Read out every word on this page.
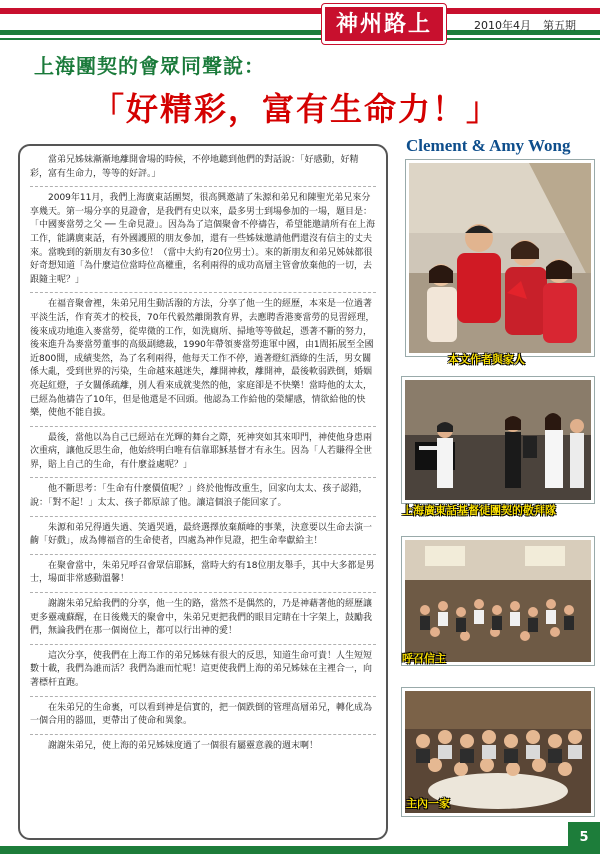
神州路上	2010年4月 第五期
上海團契的會眾同聲說：
「好精彩，富有生命力！」

當弟兄姊妹漸漸地離開會場的時候，不停地聽到他們的對話說：「好感動，好精彩，富有生命力，等等的好評。」

2009年11月，我們上海廣東話團契，很高興邀請了朱源和弟兄和陳聖光弟兄來分享幾天。第一場分享的見證會，是我們有史以來，最多男士到場參加的一場，題目是：「中國麥當勞之父 ── 生命見證」。因為為了這個聚會不停禱告，希望能邀請所有在上海工作，能講廣東話，有外國護照的朋友參加，還有一些姊妹邀請他們還沒有信主的丈夫來。當晚到的新朋友有30多位！（當中大約有20位男士）。來的新朋友和弟兄姊妹都很好奇想知道「為什麼這位當時位高權重，名利兩得的成功高層主管會放棄他的一切，去跟隨主呢？」

在福音聚會裡，朱弟兄用生動活潑的方法，分享了他一生的經歷，本來是一位過著平淡生活，作育英才的校長，70年代毅然離開教育界，去應聘香港麥當勞的見習經理，後來成功地進入麥當勞，從卑微的工作，如洗廁所、掃地等等做起，憑著不斷的努力，後來進升為麥當勞董事的高級副總裁，1990年帶領麥當勞進軍中國，由1間拓展至全國近800間，成績斐然，為了名利兩得，他每天工作不停，過著燈紅酒綠的生活，男女關係大亂，受到世界的污染，生命越來越迷失，離開神救，離開神，最後軟弱跌倒，婚姻亮起紅燈，子女關係疏離，別人看來成就斐然的他，家庭卻是不快樂！當時他的太太，已經為他禱告了10年，但是他還是不回頭。他認為工作給他的榮耀感，情欲給他的快樂，使他不能自拔。

最後，當他以為自己已經站在光輝的舞台之際，死神突如其來叩門，神使他身患兩次重病，讓他反思生命，他始終明白唯有信靠耶穌基督才有永生。因為「人若賺得全世界，賠上自己的生命，有什麼益處呢？」

他不斷思考：「生命有什麼價值呢？」終於他悔改重生，回家向太太、孩子認錯，說：「對不起！」太太、孩子都原諒了他。讓這個浪子能回家了。

朱源和弟兄得過失過、笑過哭過，最終選擇放棄顛峰的事業，決意要以生命去演一齣「好戲」，成為傳福音的生命使者，四處為神作見證，把生命奉獻給主！

在聚會當中，朱弟兄呼召會眾信耶穌，當時大約有18位朋友舉手，其中大多都是男士，場面非常感動溫馨！

謝謝朱弟兄給我們的分享，他一生的路，當然不是偶然的，乃是神藉著他的經歷讓更多靈魂蘇醒，在日後幾天的聚會中，朱弟兄更把我們的眼目定睛在十字架上，鼓勵我們，無論我們在那一個崗位上，都可以行出神的愛！

這次分享，使我們在上海工作的弟兄姊妹有很大的反思，知道生命可貴！人生短短數十載，我們為誰而活？我們為誰而忙呢！這更使我們上海的弟兄姊妹在主裡合一，向著標杆直跑。

在朱弟兄的生命裏，可以看到神是信實的，把一個跌倒的管理高層弟兄，轉化成為一個合用的器皿，更帶出了使命和異象。

謝謝朱弟兄，使上海的弟兄姊妹度過了一個很有屬靈意義的週末啊！

Clement & Amy Wong
本文作者與家人
上海廣東話基督徒團契的敬拜隊
呼召信主
主內一家
5
